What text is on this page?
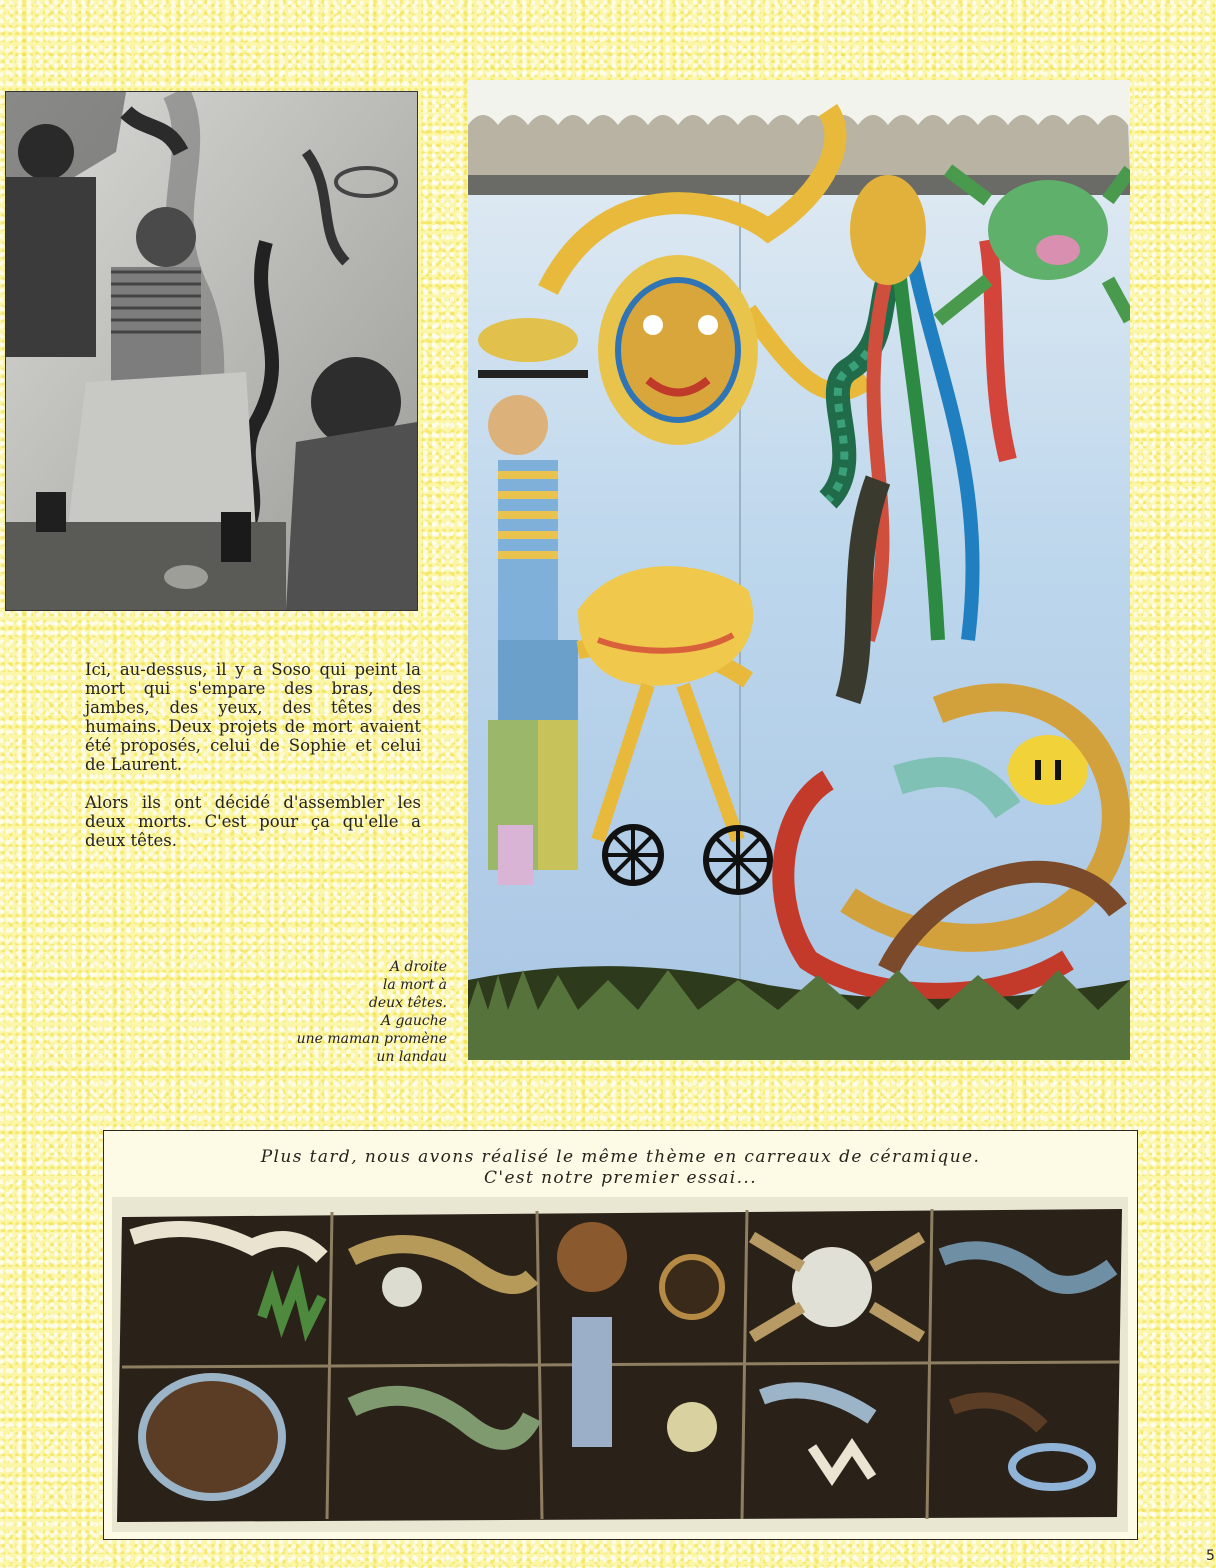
Ici, au-dessus, il y a Soso qui peint la mort qui s'empare des bras, des jambes, des yeux, des têtes des humains. Deux projets de mort avaient été proposés, celui de Sophie et celui de Laurent.

Alors ils ont décidé d'assembler les deux morts. C'est pour ça qu'elle a deux têtes.

A droite
la mort à
deux têtes.
A gauche
une maman promène
un landau
Plus tard, nous avons réalisé le même thème en carreaux de céramique.
C'est notre premier essai...
5
